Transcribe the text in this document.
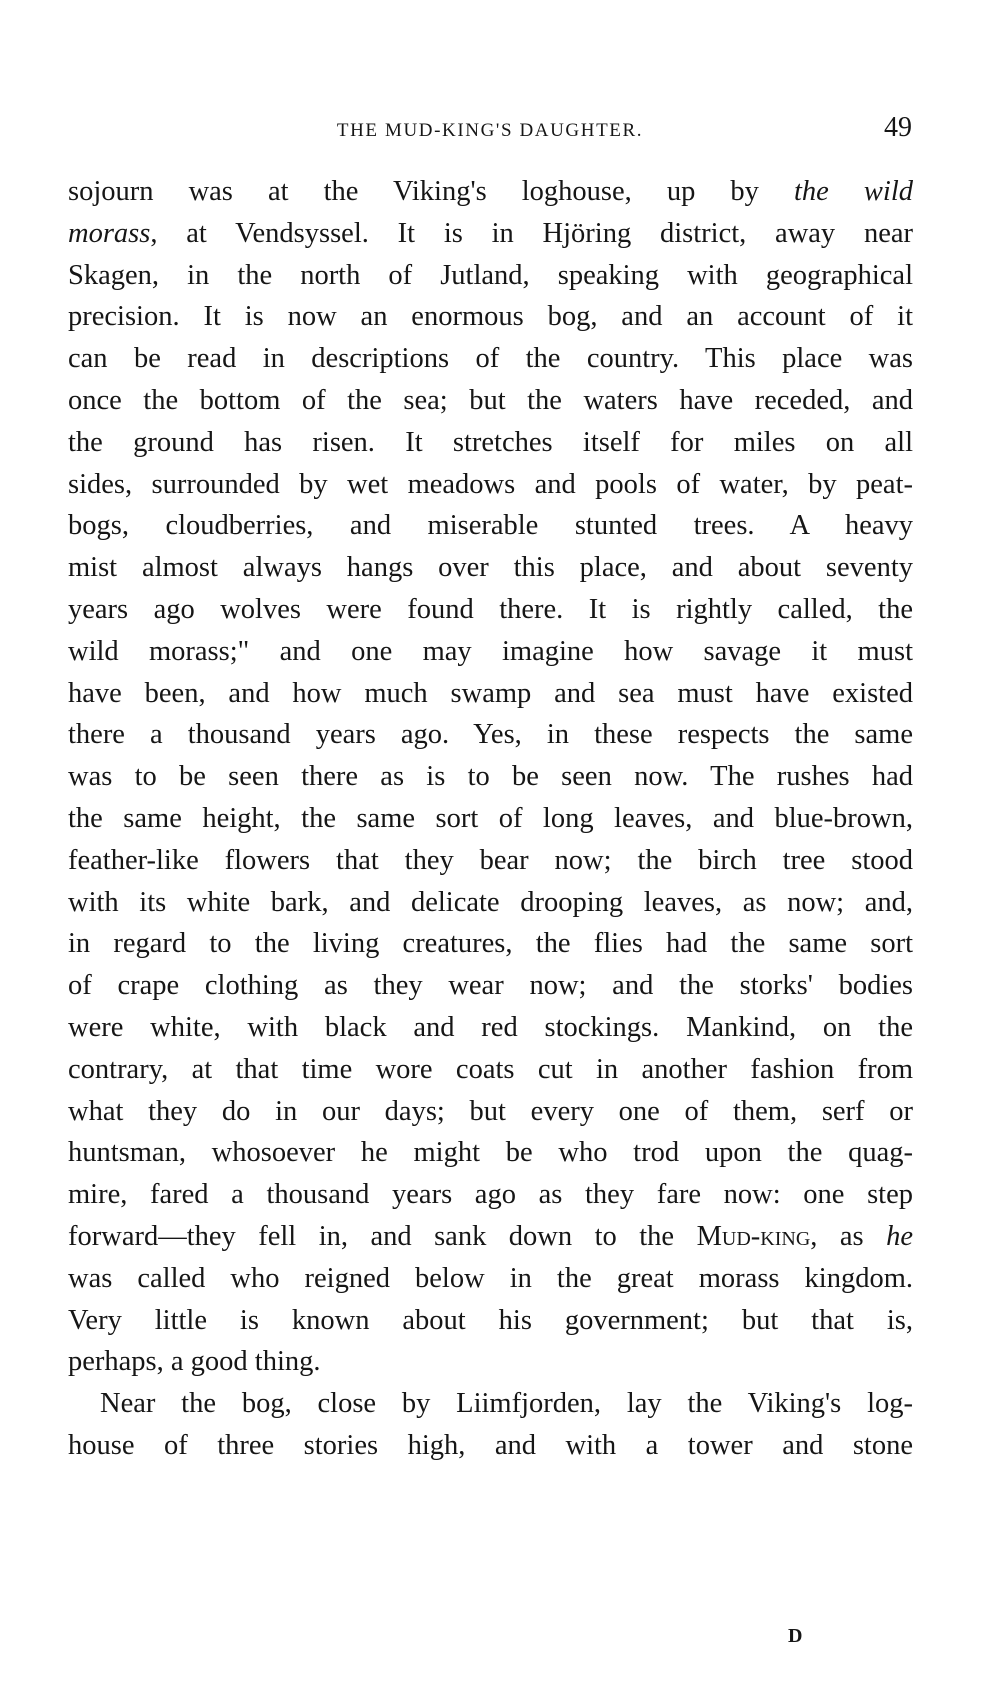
THE MUD-KING'S DAUGHTER.	49
sojourn was at the Viking's loghouse, up by the wild
morass, at Vendsyssel. It is in Hjöring district, away near
Skagen, in the north of Jutland, speaking with geographical
precision. It is now an enormous bog, and an account of it
can be read in descriptions of the country. This place was
once the bottom of the sea; but the waters have receded, and
the ground has risen. It stretches itself for miles on all
sides, surrounded by wet meadows and pools of water, by peat-
bogs, cloudberries, and miserable stunted trees. A heavy
mist almost always hangs over this place, and about seventy
years ago wolves were found there. It is rightly called, the
wild morass;" and one may imagine how savage it must
have been, and how much swamp and sea must have existed
there a thousand years ago. Yes, in these respects the same
was to be seen there as is to be seen now. The rushes had
the same height, the same sort of long leaves, and blue-brown,
feather-like flowers that they bear now; the birch tree stood
with its white bark, and delicate drooping leaves, as now; and,
in regard to the living creatures, the flies had the same sort
of crape clothing as they wear now; and the storks' bodies
were white, with black and red stockings. Mankind, on the
contrary, at that time wore coats cut in another fashion from
what they do in our days; but every one of them, serf or
huntsman, whosoever he might be who trod upon the quag-
mire, fared a thousand years ago as they fare now: one step
forward—they fell in, and sank down to the Mud-king, as he
was called who reigned below in the great morass kingdom.
Very little is known about his government; but that is,
perhaps, a good thing.
Near the bog, close by Liimfjorden, lay the Viking's log-
house of three stories high, and with a tower and stone
D
